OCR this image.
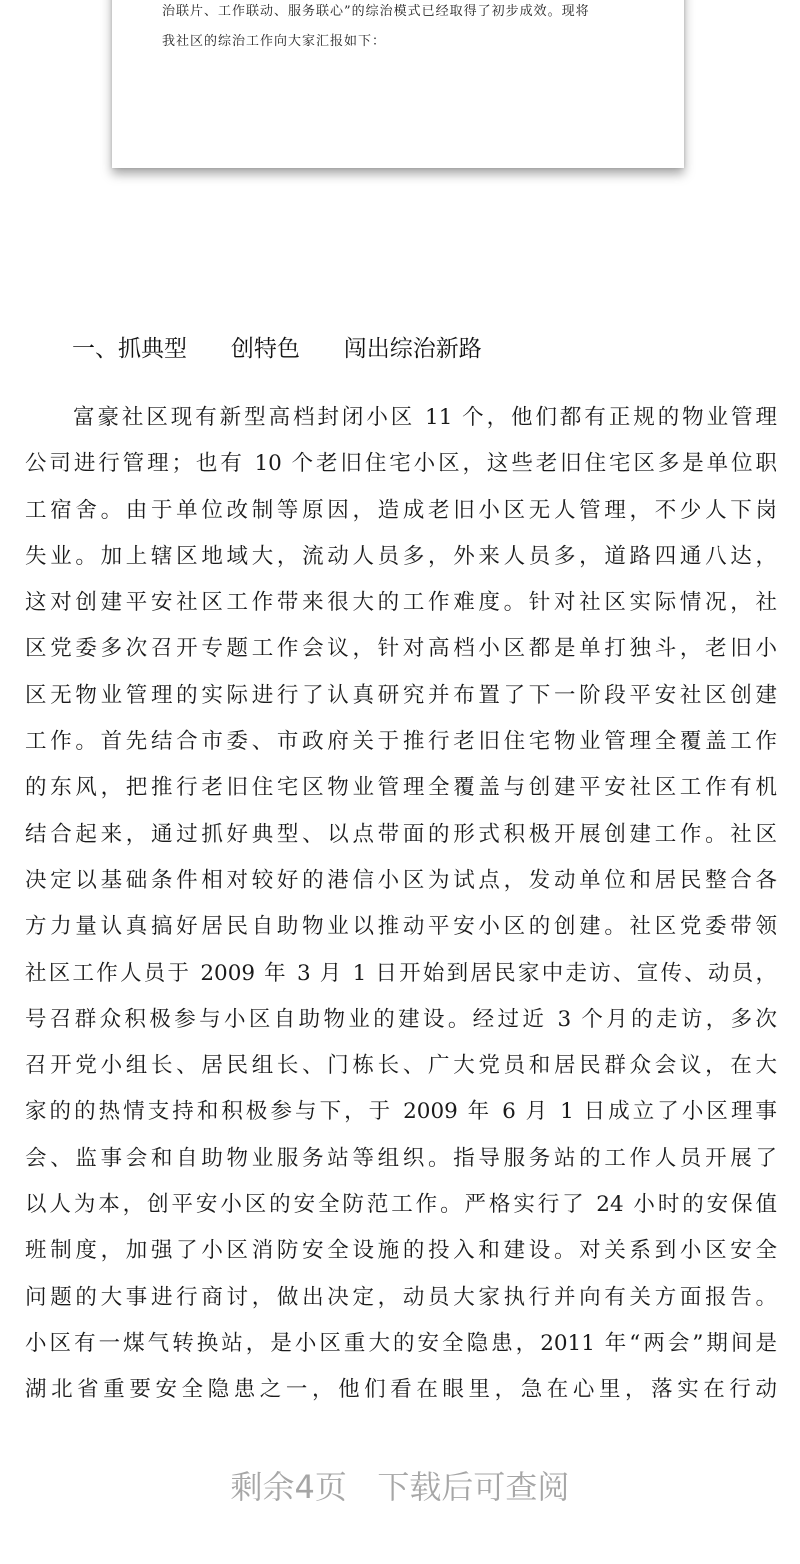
治联片、工作联动、服务联心”的综治模式已经取得了初步成效。现将
我社区的综治工作向大家汇报如下：
一、抓典型      创特色      闯出综治新路
富豪社区现有新型高档封闭小区 11 个，他们都有正规的物业管理
公司进行管理；也有 10 个老旧住宅小区，这些老旧住宅区多是单位职
工宿舍。由于单位改制等原因，造成老旧小区无人管理，不少人下岗
失业。加上辖区地域大，流动人员多，外来人员多，道路四通八达，
这对创建平安社区工作带来很大的工作难度。针对社区实际情况，社
区党委多次召开专题工作会议，针对高档小区都是单打独斗，老旧小
区无物业管理的实际进行了认真研究并布置了下一阶段平安社区创建
工作。首先结合市委、市政府关于推行老旧住宅物业管理全覆盖工作
的东风，把推行老旧住宅区物业管理全覆盖与创建平安社区工作有机
结合起来，通过抓好典型、以点带面的形式积极开展创建工作。社区
决定以基础条件相对较好的港信小区为试点，发动单位和居民整合各
方力量认真搞好居民自助物业以推动平安小区的创建。社区党委带领
社区工作人员于 2009 年 3 月 1 日开始到居民家中走访、宣传、动员，
号召群众积极参与小区自助物业的建设。经过近 3 个月的走访，多次
召开党小组长、居民组长、门栋长、广大党员和居民群众会议，在大
家的的热情支持和积极参与下，于 2009 年 6 月 1 日成立了小区理事
会、监事会和自助物业服务站等组织。指导服务站的工作人员开展了
以人为本，创平安小区的安全防范工作。严格实行了 24 小时的安保值
班制度，加强了小区消防安全设施的投入和建设。对关系到小区安全
问题的大事进行商讨，做出决定，动员大家执行并向有关方面报告。
小区有一煤气转换站，是小区重大的安全隐患，2011 年“两会”期间是
湖北省重要安全隐患之一，他们看在眼里，急在心里，落实在行动
剩余4页   下载后可查阅
